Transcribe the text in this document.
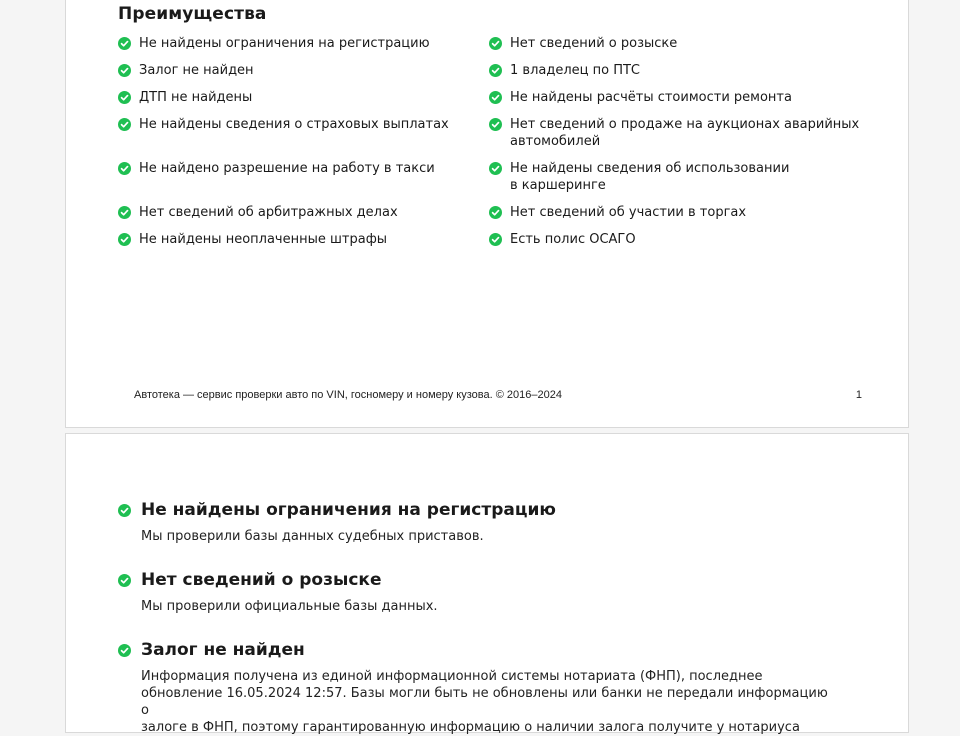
Преимущества
Не найдены ограничения на регистрацию	Нет сведений о розыске
Залог не найден	1 владелец по ПТС
ДТП не найдены	Не найдены расчёты стоимости ремонта
Не найдены сведения о страховых выплатах	Нет сведений о продаже на аукционах аварийных
автомобилей
Не найдено разрешение на работу в такси	Не найдены сведения об использовании
в каршеринге
Нет сведений об арбитражных делах	Нет сведений об участии в торгах
Не найдены неоплаченные штрафы	Есть полис ОСАГО
Автотека — сервис проверки авто по VIN, госномеру и номеру кузова. © 2016–2024	1
Не найдены ограничения на регистрацию
Мы проверили базы данных судебных приставов.
Нет сведений о розыске
Мы проверили официальные базы данных.
Залог не найден
Информация получена из единой информационной системы нотариата (ФНП), последнее
обновление 16.05.2024 12:57. Базы могли быть не обновлены или банки не передали информацию о
залоге в ФНП, поэтому гарантированную информацию о наличии залога получите у нотариуса
